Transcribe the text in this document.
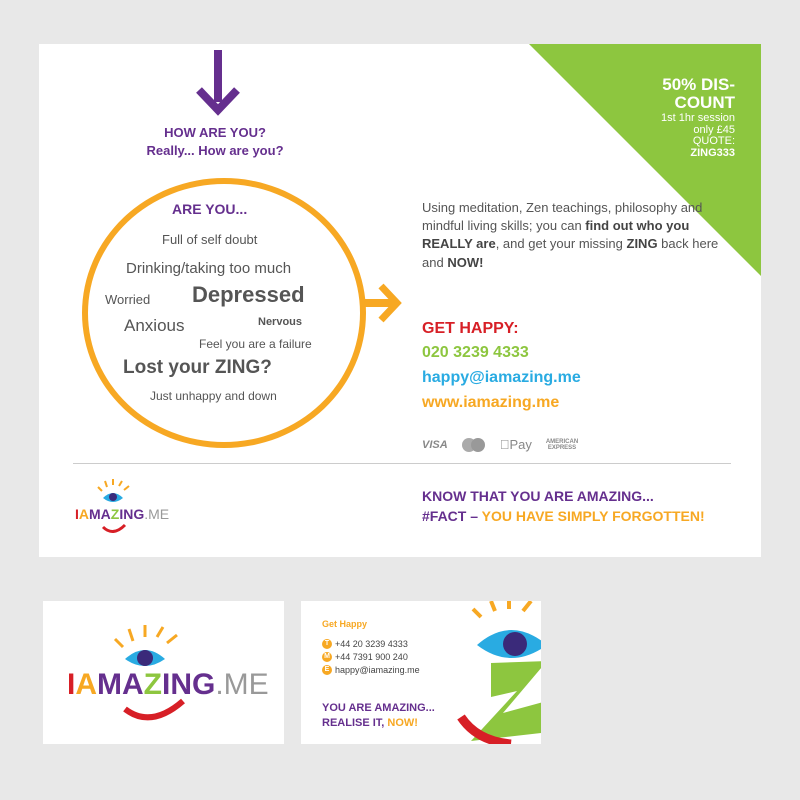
50% DIS-COUNT
1st 1hr session
only £45
QUOTE:
ZING333
HOW ARE YOU?
Really... How are you?
ARE YOU...
Full of self doubt
Drinking/taking too much
Worried Depressed
Anxious	Nervous
Feel you are a failure
Lost your ZING?
Just unhappy and down
Using meditation, Zen teachings, philosophy and mindful living skills; you can find out who you REALLY are, and get your missing ZING back here and NOW!
GET HAPPY:
020 3239 4333
happy@iamazing.me
www.iamazing.me
VISA	Pay AMERICAN
EXPRESS
IAMAZING.ME
KNOW THAT YOU ARE AMAZING...
#FACT – YOU HAVE SIMPLY FORGOTTEN!
IAMAZING.ME
Get Happy
T +44 20 3239 4333
M +44 7391 900 240
E happy@iamazing.me
YOU ARE AMAZING...
REALISE IT, NOW!
